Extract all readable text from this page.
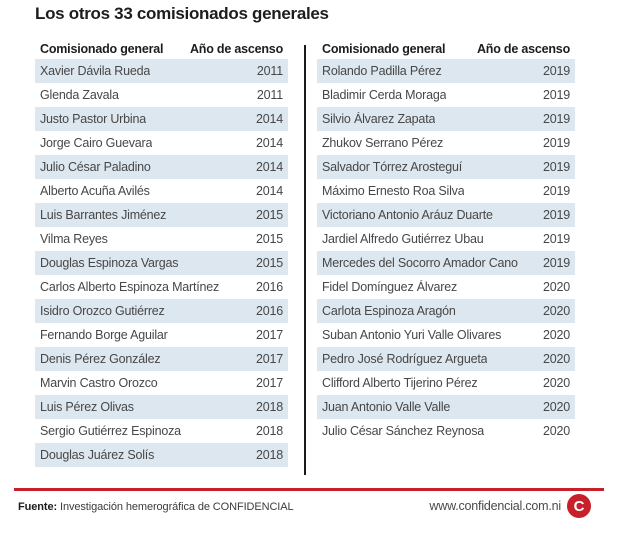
Los otros 33 comisionados generales
Comisionado general Año de ascenso
Xavier Dávila Rueda	2011
Glenda Zavala	2011
Justo Pastor Urbina	2014
Jorge Cairo Guevara	2014
Julio César Paladino	2014
Alberto Acuña Avilés	2014
Luis Barrantes Jiménez	2015
Vilma Reyes	2015
Douglas Espinoza Vargas	2015
Carlos Alberto Espinoza Martínez	2016
Isidro Orozco Gutiérrez	2016
Fernando Borge Aguilar	2017
Denis Pérez González	2017
Marvin Castro Orozco	2017
Luis Pérez Olivas	2018
Sergio Gutiérrez Espinoza	2018
Douglas Juárez Solís	2018
Comisionado general	Año de ascenso
Rolando Padilla Pérez	2019
Bladimir Cerda Moraga	2019
Silvio Álvarez Zapata	2019
Zhukov Serrano Pérez	2019
Salvador Tórrez Arosteguí	2019
Máximo Ernesto Roa Silva	2019
Victoriano Antonio Aráuz Duarte	2019
Jardiel Alfredo Gutiérrez Ubau	2019
Mercedes del Socorro Amador Cano	2019
Fidel Domínguez Álvarez	2020
Carlota Espinoza Aragón	2020
Suban Antonio Yuri Valle Olivares	2020
Pedro José Rodríguez Argueta	2020
Clifford Alberto Tijerino Pérez	2020
Juan Antonio Valle Valle	2020
Julio César Sánchez Reynosa	2020
Fuente: Investigación hemerográfica de CONFIDENCIAL	www.confidencial.com.ni C
